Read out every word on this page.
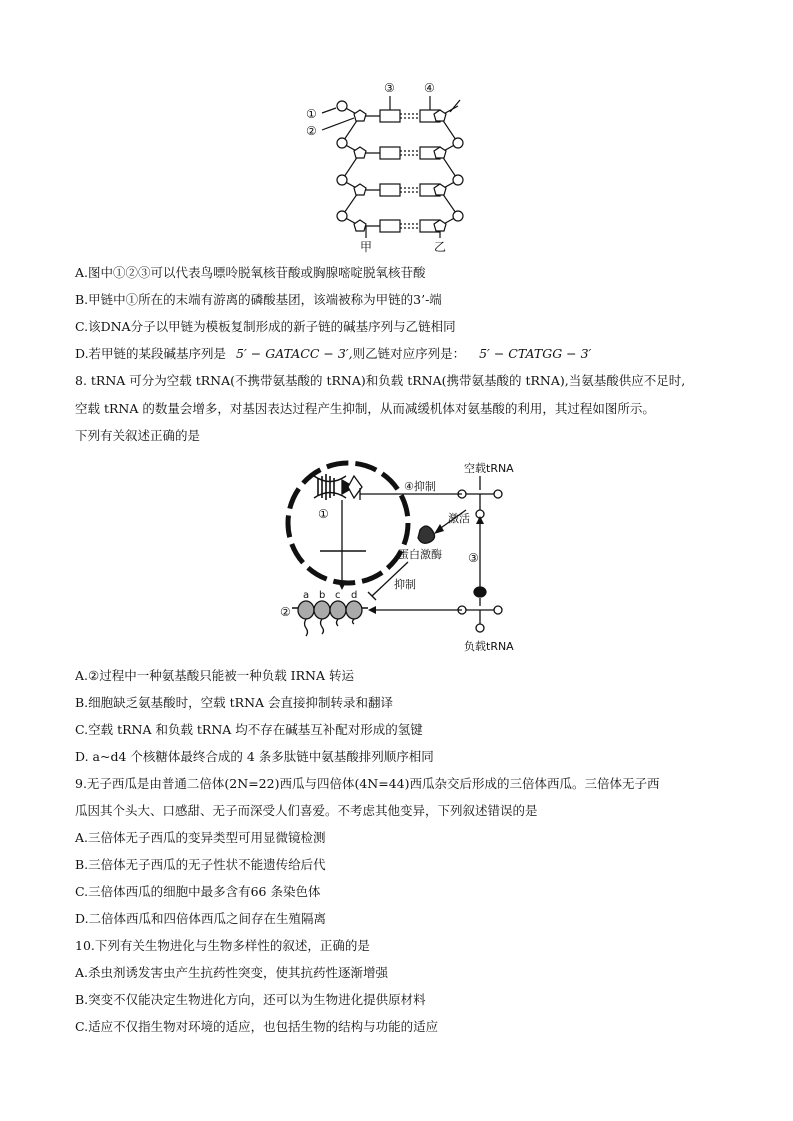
①
②
③ ④
甲	乙
A.图中①②③可以代表鸟嘌呤脱氧核苷酸或胸腺嘧啶脱氧核苷酸
B.甲链中①所在的末端有游离的磷酸基团，该端被称为甲链的3’-端
C.该DNA分子以甲链为模板复制形成的新子链的碱基序列与乙链相同
D.若甲链的某段碱基序列是 5′ − GATACC − 3′,则乙链对应序列是： 5′ − CTATGG − 3′
8. tRNA 可分为空载 tRNA(不携带氨基酸的 tRNA)和负载 tRNA(携带氨基酸的 tRNA),当氨基酸供应不足时,
空载 tRNA 的数量会增多，对基因表达过程产生抑制，从而减缓机体对氨基酸的利用，其过程如图所示。
下列有关叙述正确的是
空载tRNA
负载tRNA
④抑制
激活
蛋白激酶
抑制
①
②
③
a b c d
A.②过程中一种氨基酸只能被一种负载 IRNA 转运
B.细胞缺乏氨基酸时，空载 tRNA 会直接抑制转录和翻译
C.空载 tRNA 和负载 tRNA 均不存在碱基互补配对形成的氢键
D. a~d4 个核糖体最终合成的 4 条多肽链中氨基酸排列顺序相同
9.无子西瓜是由普通二倍体(2N=22)西瓜与四倍体(4N=44)西瓜杂交后形成的三倍体西瓜。三倍体无子西
瓜因其个头大、口感甜、无子而深受人们喜爱。不考虑其他变异，下列叙述错误的是
A.三倍体无子西瓜的变异类型可用显微镜检测
B.三倍体无子西瓜的无子性状不能遗传给后代
C.三倍体西瓜的细胞中最多含有66 条染色体
D.二倍体西瓜和四倍体西瓜之间存在生殖隔离
10.下列有关生物进化与生物多样性的叙述，正确的是
A.杀虫剂诱发害虫产生抗药性突变，使其抗药性逐渐增强
B.突变不仅能决定生物进化方向，还可以为生物进化提供原材料
C.适应不仅指生物对环境的适应，也包括生物的结构与功能的适应
